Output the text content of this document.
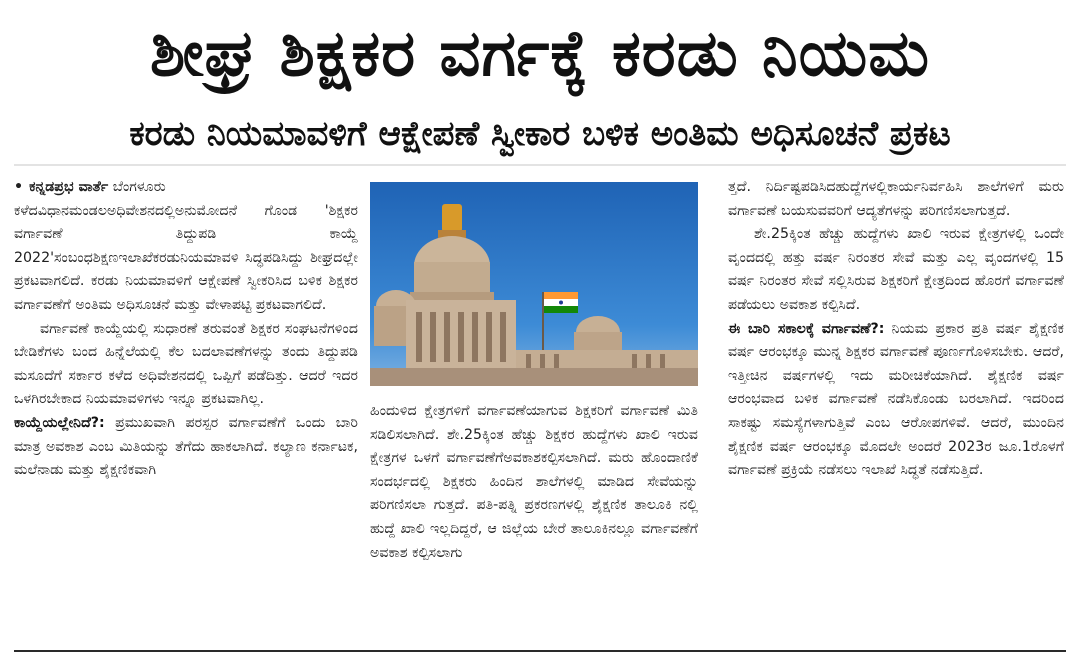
ಶೀಘ್ರ ಶಿಕ್ಷಕರ ವರ್ಗಕ್ಕೆ ಕರಡು ನಿಯಮ
ಕರಡು ನಿಯಮಾವಳಿಗೆ ಆಕ್ಷೇಪಣೆ ಸ್ವೀಕಾರ ಬಳಿಕ ಅಂತಿಮ ಅಧಿಸೂಚನೆ ಪ್ರಕಟ

• ಕನ್ನಡಪ್ರಭ ವಾರ್ತೆ ಬೆಂಗಳೂರು

ಕಳೆದವಿಧಾನಮಂಡಲಅಧಿವೇಶನದಲ್ಲಿಅನುಮೋದನೆ ಗೊಂಡ 'ಶಿಕ್ಷಕರ ವರ್ಗಾವಣೆ ತಿದ್ದುಪಡಿ ಕಾಯ್ದೆ 2022'ಸಂಬಂಧಶಿಕ್ಷಣಇಲಾಖೆಕರಡುನಿಯಮಾವಳಿ ಸಿದ್ಧಪಡಿಸಿದ್ದು ಶೀಘ್ರದಲ್ಲೇ ಪ್ರಕಟವಾಗಲಿದೆ. ಕರಡು ನಿಯಮಾವಳಿಗೆ ಆಕ್ಷೇಪಣೆ ಸ್ವೀಕರಿಸಿದ ಬಳಿಕ ಶಿಕ್ಷಕರ ವರ್ಗಾವಣೆಗೆ ಅಂತಿಮ ಅಧಿಸೂಚನೆ ಮತ್ತು ವೇಳಾಪಟ್ಟಿ ಪ್ರಕಟವಾಗಲಿದೆ.

ವರ್ಗಾವಣೆ ಕಾಯ್ದೆಯಲ್ಲಿ ಸುಧಾರಣೆ ತರುವಂತೆ ಶಿಕ್ಷಕರ ಸಂಘಟನೆಗಳಿಂದ ಬೇಡಿಕೆಗಳು ಬಂದ ಹಿನ್ನೆಲೆಯಲ್ಲಿ ಕೆಲ ಬದಲಾವಣೆಗಳನ್ನು ತಂದು ತಿದ್ದುಪಡಿ ಮಸೂದೆಗೆ ಸರ್ಕಾರ ಕಳೆದ ಅಧಿವೇಶನದಲ್ಲಿ ಒಪ್ಪಿಗೆ ಪಡೆದಿತ್ತು. ಆದರೆ ಇದರ ಒಳಗಿರಬೇಕಾದ ನಿಯಮಾವಳಿಗಳು ಇನ್ನೂ ಪ್ರಕಟವಾಗಿಲ್ಲ.

ಕಾಯ್ದೆಯಲ್ಲೇನಿದೆ?: ಪ್ರಮುಖವಾಗಿ ಪರಸ್ಪರ ವರ್ಗಾವಣೆಗೆ ಒಂದು ಬಾರಿ ಮಾತ್ರ ಅವಕಾಶ ಎಂಬ ಮಿತಿಯನ್ನು ತೆಗೆದು ಹಾಕಲಾಗಿದೆ. ಕಲ್ಯಾಣ ಕರ್ನಾಟಕ, ಮಲೆನಾಡು ಮತ್ತು ಶೈಕ್ಷಣಿಕವಾಗಿ

ಹಿಂದುಳಿದ ಕ್ಷೇತ್ರಗಳಿಗೆ ವರ್ಗಾವಣೆಯಾಗುವ ಶಿಕ್ಷಕರಿಗೆ ವರ್ಗಾವಣೆ ಮಿತಿ ಸಡಿಲಿಸಲಾಗಿದೆ. ಶೇ.25ಕ್ಕಿಂತ ಹೆಚ್ಚು ಶಿಕ್ಷಕರ ಹುದ್ದೆಗಳು ಖಾಲಿ ಇರುವ ಕ್ಷೇತ್ರಗಳ ಒಳಗೆ ವರ್ಗಾವಣೆಗೆಅವಕಾಶಕಲ್ಪಿಸಲಾಗಿದೆ. ಮರು ಹೊಂದಾಣಿಕೆ ಸಂದರ್ಭದಲ್ಲಿ ಶಿಕ್ಷಕರು ಹಿಂದಿನ ಶಾಲೆಗಳಲ್ಲಿ ಮಾಡಿದ ಸೇವೆಯನ್ನು ಪರಿಗಣಿಸಲಾ ಗುತ್ತದೆ. ಪತಿ-ಪತ್ನಿ ಪ್ರಕರಣಗಳಲ್ಲಿ ಶೈಕ್ಷಣಿಕ ತಾಲೂಕಿ ನಲ್ಲಿ ಹುದ್ದೆ ಖಾಲಿ ಇಲ್ಲದಿದ್ದರೆ, ಆ ಜಿಲ್ಲೆಯ ಬೇರೆ ತಾಲೂಕಿನಲ್ಲೂ ವರ್ಗಾವಣೆಗೆ ಅವಕಾಶ ಕಲ್ಪಿಸಲಾಗು

ತ್ತದೆ. ನಿರ್ದಿಷ್ಟಪಡಿಸಿದಹುದ್ದೆಗಳಲ್ಲಿಕಾರ್ಯನಿರ್ವಹಿಸಿ ಶಾಲೆಗಳಿಗೆ ಮರು ವರ್ಗಾವಣೆ ಬಯಸುವವರಿಗೆ ಆದ್ಯತೆಗಳನ್ನು ಪರಿಗಣಿಸಲಾಗುತ್ತದೆ.

ಶೇ.25ಕ್ಕಿಂತ ಹೆಚ್ಚು ಹುದ್ದೆಗಳು ಖಾಲಿ ಇರುವ ಕ್ಷೇತ್ರಗಳಲ್ಲಿ ಒಂದೇ ವೃಂದದಲ್ಲಿ ಹತ್ತು ವರ್ಷ ನಿರಂತರ ಸೇವೆ ಮತ್ತು ಎಲ್ಲ ವೃಂದಗಳಲ್ಲಿ 15 ವರ್ಷ ನಿರಂತರ ಸೇವೆ ಸಲ್ಲಿಸಿರುವ ಶಿಕ್ಷಕರಿಗೆ ಕ್ಷೇತ್ರದಿಂದ ಹೊರಗೆ ವರ್ಗಾವಣೆ ಪಡೆಯಲು ಅವಕಾಶ ಕಲ್ಪಿಸಿದೆ.

ಈ ಬಾರಿ ಸಕಾಲಕ್ಕೆ ವರ್ಗಾವಣೆ?: ನಿಯಮ ಪ್ರಕಾರ ಪ್ರತಿ ವರ್ಷ ಶೈಕ್ಷಣಿಕ ವರ್ಷ ಆರಂಭಕ್ಕೂ ಮುನ್ನ ಶಿಕ್ಷಕರ ವರ್ಗಾವಣೆ ಪೂರ್ಣಗೊಳಿಸಬೇಕು. ಆದರೆ, ಇತ್ತೀಚಿನ ವರ್ಷಗಳಲ್ಲಿ ಇದು ಮರೀಚಿಕೆಯಾಗಿದೆ. ಶೈಕ್ಷಣಿಕ ವರ್ಷ ಆರಂಭವಾದ ಬಳಿಕ ವರ್ಗಾವಣೆ ನಡೆಸಿಕೊಂಡು ಬರಲಾಗಿದೆ. ಇದರಿಂದ ಸಾಕಷ್ಟು ಸಮಸ್ಯೆಗಳಾಗುತ್ತಿವೆ ಎಂಬ ಆರೋಪಗಳಿವೆ. ಆದರೆ, ಮುಂದಿನ ಶೈಕ್ಷಣಿಕ ವರ್ಷ ಆರಂಭಕ್ಕೂ ಮೊದಲೇ ಅಂದರೆ 2023ರ ಜೂ.1ರೊಳಗೆ ವರ್ಗಾವಣೆ ಪ್ರಕ್ರಿಯೆ ನಡೆಸಲು ಇಲಾಖೆ ಸಿದ್ಧತೆ ನಡೆಸುತ್ತಿದೆ.
